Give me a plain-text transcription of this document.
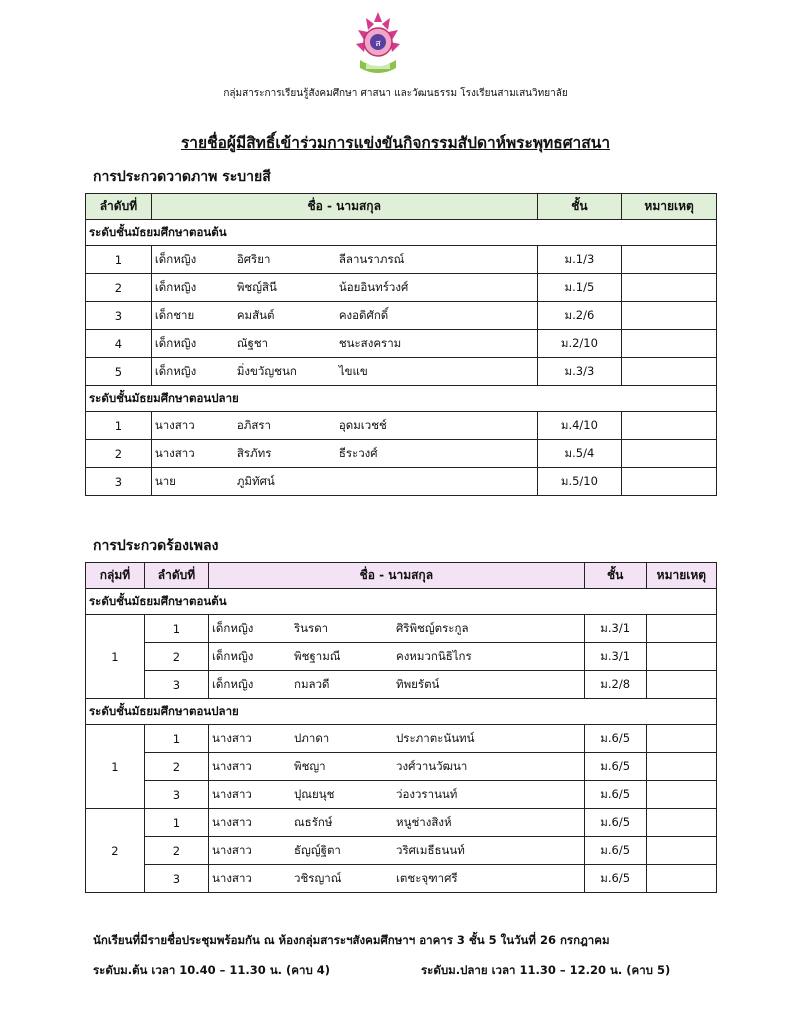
ส
กลุ่มสาระการเรียนรู้สังคมศึกษา ศาสนา และวัฒนธรรม โรงเรียนสามเสนวิทยาลัย
รายชื่อผู้มีสิทธิ์เข้าร่วมการแข่งขันกิจกรรมสัปดาห์พระพุทธศาสนา
การประกวดวาดภาพ ระบายสี
ลำดับที่	ชื่อ - นามสกุล	ชั้น	หมายเหตุ
ระดับชั้นมัธยมศึกษาตอนต้น			
1	เด็กหญิง อิศริยา ลีลานราภรณ์	ม.1/3	
2	เด็กหญิง พิชญ์สินี น้อยอินทร์วงศ์	ม.1/5	
3	เด็กชาย คมสันต์ คงอดิศักดิ์	ม.2/6	
4	เด็กหญิง ณัฐชา ชนะสงคราม	ม.2/10	
5	เด็กหญิง มิ่งขวัญชนก ไขแข	ม.3/3	
ระดับชั้นมัธยมศึกษาตอนปลาย			
1	นางสาว อภิสรา อุดมเวชช์	ม.4/10	
2	นางสาว สิรภัทร ธีระวงศ์	ม.5/4	
3	นาย ภูมิทัศน์	ม.5/10	
การประกวดร้องเพลง
กลุ่มที่	ลำดับที่	ชื่อ - นามสกุล	ชั้น	หมายเหตุ
ระดับชั้นมัธยมศึกษาตอนต้น				
1	1	เด็กหญิง รินรดา ศิริพิชญ์ตระกูล	ม.3/1	
	2	เด็กหญิง พิชฐามณี คงหมวกนิธิไกร	ม.3/1	
	3	เด็กหญิง กมลวดี ทิพยรัตน์	ม.2/8	
ระดับชั้นมัธยมศึกษาตอนปลาย				
1	1	นางสาว ปภาดา ประภาตะนันทน์	ม.6/5	
	2	นางสาว พิชญา วงศ์วานวัฒนา	ม.6/5	
	3	นางสาว ปุณยนุช ว่องวรานนท์	ม.6/5	
2	1	นางสาว ณธรักษ์ หนูช่างสิงห์	ม.6/5	
	2	นางสาว ธัญญ์ฐิตา วริศเมธีธนนท์	ม.6/5	
	3	นางสาว วชิรญาณ์ เตชะจุฑาศรี	ม.6/5	
นักเรียนที่มีรายชื่อประชุมพร้อมกัน ณ ห้องกลุ่มสาระฯสังคมศึกษาฯ อาคาร 3 ชั้น 5 ในวันที่ 26 กรกฎาคม
ระดับม.ต้น เวลา 10.40 – 11.30 น. (คาบ 4)	ระดับม.ปลาย เวลา 11.30 – 12.20 น. (คาบ 5)
